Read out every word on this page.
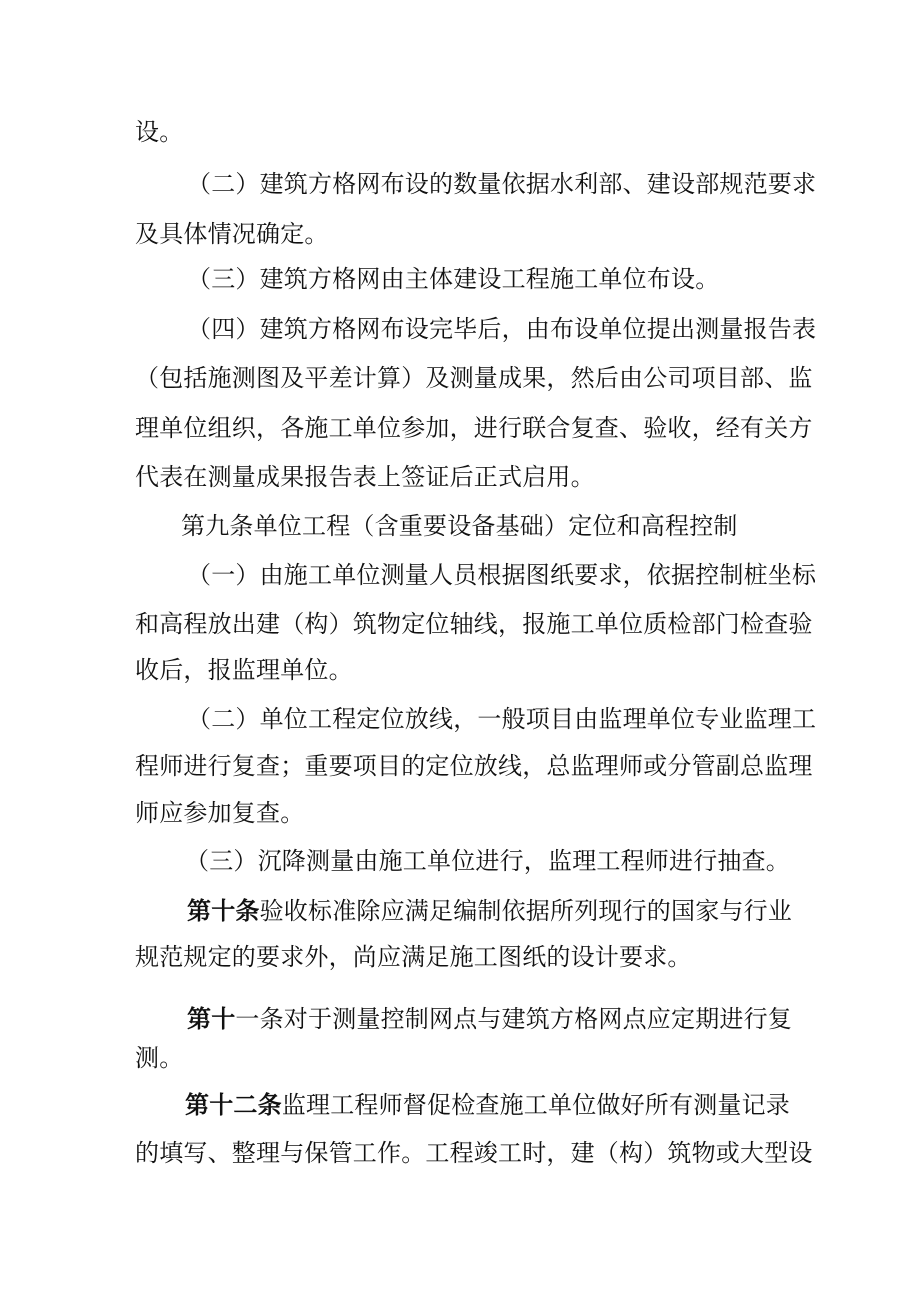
设。
（二）建筑方格网布设的数量依据水利部、建设部规范要求
及具体情况确定。
（三）建筑方格网由主体建设工程施工单位布设。
（四）建筑方格网布设完毕后，由布设单位提出测量报告表
（包括施测图及平差计算）及测量成果，然后由公司项目部、监
理单位组织，各施工单位参加，进行联合复查、验收，经有关方
代表在测量成果报告表上签证后正式启用。
第九条单位工程（含重要设备基础）定位和高程控制
（一）由施工单位测量人员根据图纸要求，依据控制桩坐标
和高程放出建（构）筑物定位轴线，报施工单位质检部门检查验
收后，报监理单位。
（二）单位工程定位放线，一般项目由监理单位专业监理工
程师进行复查；重要项目的定位放线，总监理师或分管副总监理
师应参加复查。
（三）沉降测量由施工单位进行，监理工程师进行抽查。
第十条验收标准除应满足编制依据所列现行的国家与行业
规范规定的要求外，尚应满足施工图纸的设计要求。
第十一条对于测量控制网点与建筑方格网点应定期进行复
测。
第十二条监理工程师督促检查施工单位做好所有测量记录
的填写、整理与保管工作。工程竣工时，建（构）筑物或大型设
